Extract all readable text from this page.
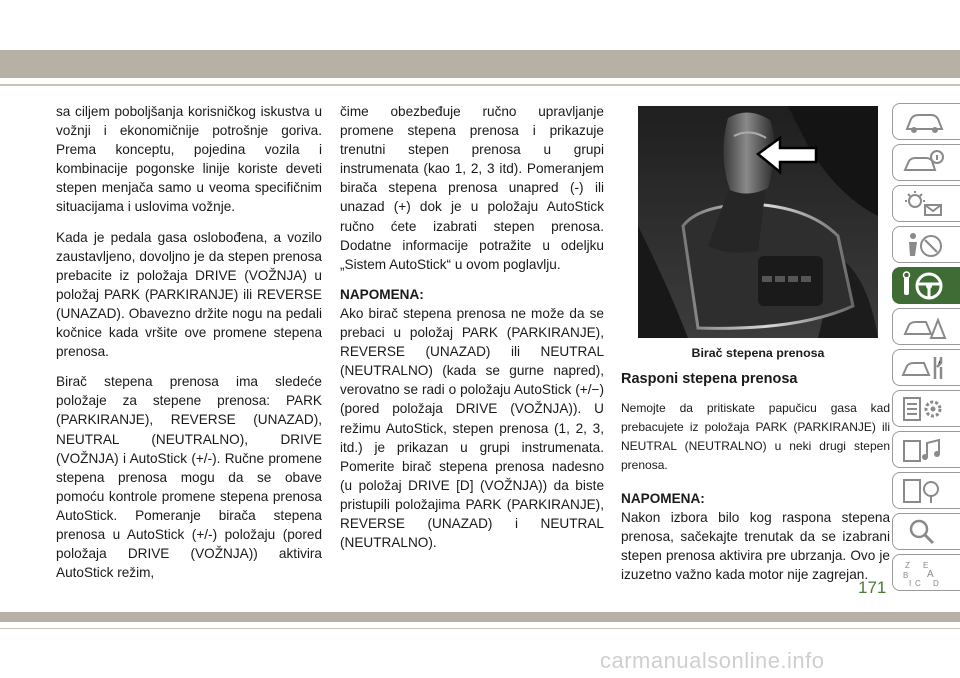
sa ciljem poboljšanja korisničkog iskustva u vožnji i ekonomičnije potrošnje goriva. Prema konceptu, pojedina vozila i kombinacije pogonske linije koriste deveti stepen menjača samo u veoma specifičnim situacijama i uslovima vožnje.

Kada je pedala gasa oslobođena, a vozilo zaustavljeno, dovoljno je da stepen prenosa prebacite iz položaja DRIVE (VOŽNJA) u položaj PARK (PARKIRANJE) ili REVERSE (UNAZAD). Obavezno držite nogu na pedali kočnice kada vršite ove promene stepena prenosa.

Birač stepena prenosa ima sledeće položaje za stepene prenosa: PARK (PARKIRANJE), REVERSE (UNAZAD), NEUTRAL (NEUTRALNO), DRIVE (VOŽNJA) i AutoStick (+/-). Ručne promene stepena prenosa mogu da se obave pomoću kontrole promene stepena prenosa AutoStick. Pomeranje birača stepena prenosa u AutoStick (+/-) položaju (pored položaja DRIVE (VOŽNJA)) aktivira AutoStick režim,

čime obezbeđuje ručno upravljanje promene stepena prenosa i prikazuje trenutni stepen prenosa u grupi instrumenata (kao 1, 2, 3 itd). Pomeranjem birača stepena prenosa unapred (-) ili unazad (+) dok je u položaju AutoStick ručno ćete izabrati stepen prenosa. Dodatne informacije potražite u odeljku „Sistem AutoStick“ u ovom poglavlju.

NAPOMENA:

Ako birač stepena prenosa ne može da se prebaci u položaj PARK (PARKIRANJE), REVERSE (UNAZAD) ili NEUTRAL (NEUTRALNO) (kada se gurne napred), verovatno se radi o položaju AutoStick (+/−) (pored položaja DRIVE (VOŽNJA)). U režimu AutoStick, stepen prenosa (1, 2, 3, itd.) je prikazan u grupi instrumenata. Pomerite birač stepena prenosa nadesno (u položaj DRIVE [D] (VOŽNJA)) da biste pristupili položajima PARK (PARKIRANJE), REVERSE (UNAZAD) i NEUTRAL (NEUTRALNO).

Birač stepena prenosa
Rasponi stepena prenosa

Nemojte da pritiskate papučicu gasa kad prebacujete iz položaja PARK (PARKIRANJE) ili NEUTRAL (NEUTRALNO) u neki drugi stepen prenosa.

NAPOMENA:

Nakon izbora bilo kog raspona stepena prenosa, sačekajte trenutak da se izabrani stepen prenosa aktivira pre ubrzanja. Ovo je izuzetno važno kada motor nije zagrejan.

Z E
B A
I C D
171
carmanualsonline.info
